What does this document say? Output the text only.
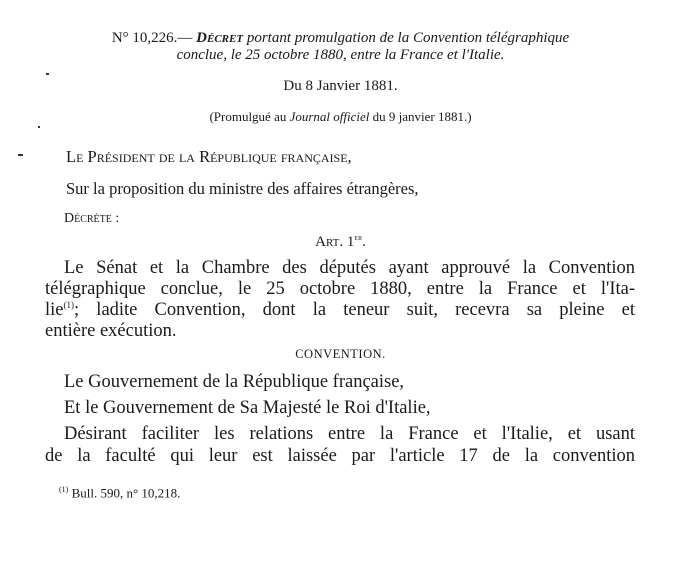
N° 10,226.— Décret portant promulgation de la Convention télégraphique
conclue, le 25 octobre 1880, entre la France et l'Italie.
Du 8 Janvier 1881.
(Promulgué au Journal officiel du 9 janvier 1881.)
Le Président de la République française,
Sur la proposition du ministre des affaires étrangères,
Décrète :
Art. 1er.
Le Sénat et la Chambre des députés ayant approuvé la Convention
télégraphique conclue, le 25 octobre 1880, entre la France et l'Ita-
lie$^{(1)}$; ladite Convention, dont la teneur suit, recevra sa pleine et
entière exécution.
CONVENTION.
Le Gouvernement de la République française,
Et le Gouvernement de Sa Majesté le Roi d'Italie,
Désirant faciliter les relations entre la France et l'Italie, et usant
de la faculté qui leur est laissée par l'article 17 de la convention
$^{(1)}$ Bull. 590, n° 10,218.
